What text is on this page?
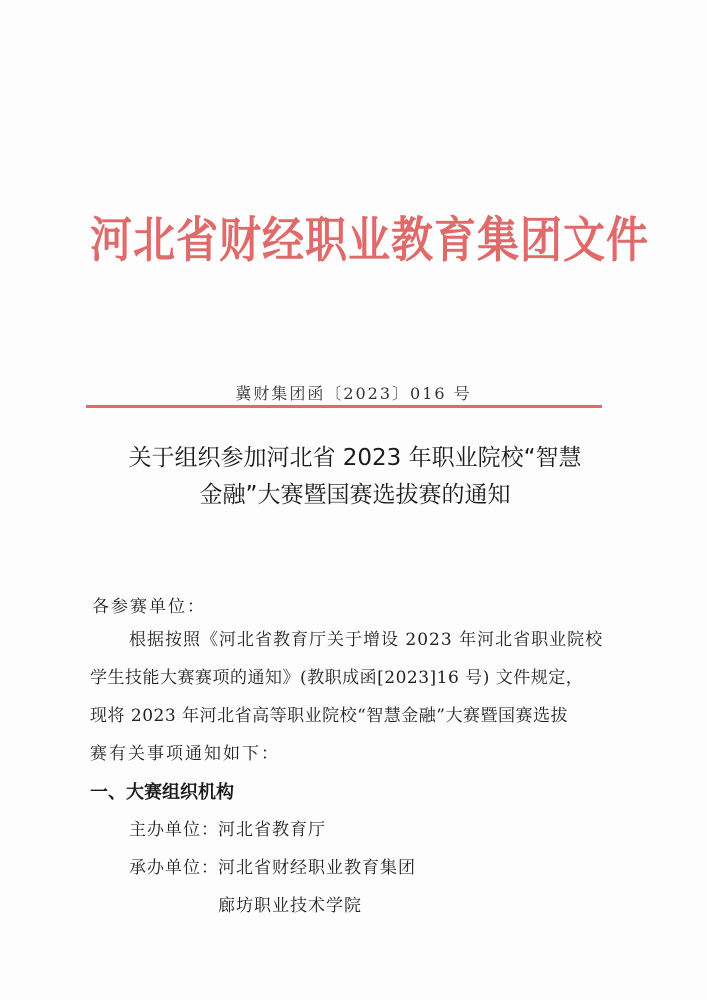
河北省财经职业教育集团文件
冀财集团函〔2023〕016 号
关于组织参加河北省 2023 年职业院校“智慧
金融”大赛暨国赛选拔赛的通知
各参赛单位：
根据按照《河北省教育厅关于增设 2023 年河北省职业院校
学生技能大赛赛项的通知》(教职成函[2023]16 号) 文件规定，
现将 2023 年河北省高等职业院校“智慧金融”大赛暨国赛选拔
赛有关事项通知如下：
一、大赛组织机构
主办单位： 河北省教育厅
承办单位： 河北省财经职业教育集团
廊坊职业技术学院
